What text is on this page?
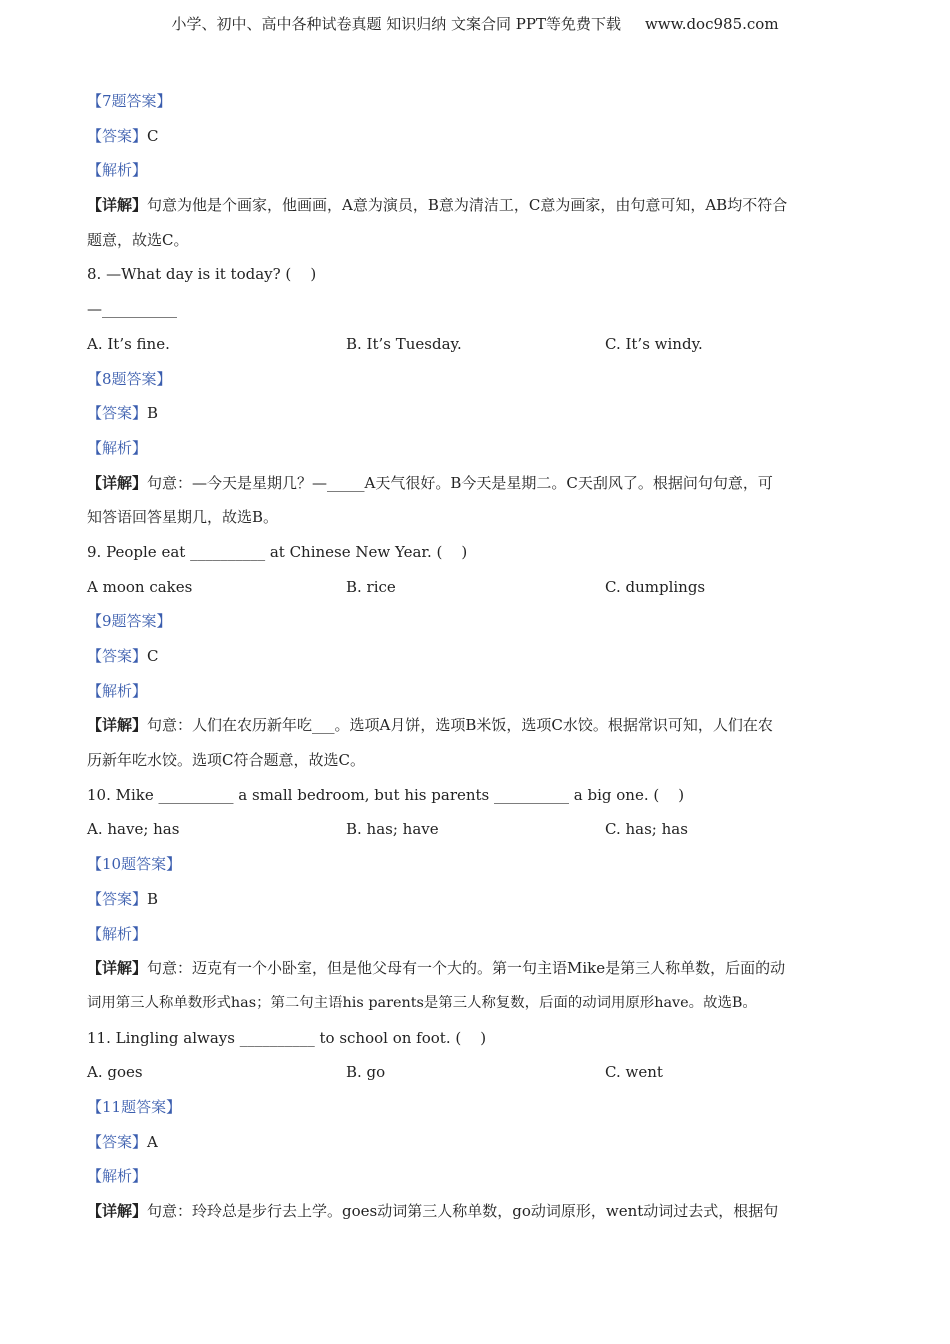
小学、初中、高中各种试卷真题 知识归纳 文案合同 PPT等免费下载 www.doc985.com
【7题答案】
【答案】C
【解析】
【详解】句意为他是个画家，他画画，A意为演员，B意为清洁工，C意为画家，由句意可知，AB均不符合
题意，故选C。
8. —What day is it today? (    )
—__________
A. It’s fine.	B. It’s Tuesday.	C. It’s windy.
【8题答案】
【答案】B
【解析】
【详解】句意：—今天是星期几？—_____A天气很好。B今天是星期二。C天刮风了。根据问句句意，可
知答语回答星期几，故选B。
9. People eat __________ at Chinese New Year. (    )
A moon cakes	B. rice	C. dumplings
【9题答案】
【答案】C
【解析】
【详解】句意：人们在农历新年吃___。选项A月饼，选项B米饭，选项C水饺。根据常识可知，人们在农
历新年吃水饺。选项C符合题意，故选C。
10. Mike __________ a small bedroom, but his parents __________ a big one. (    )
A. have; has	B. has; have	C. has; has
【10题答案】
【答案】B
【解析】
【详解】句意：迈克有一个小卧室，但是他父母有一个大的。第一句主语Mike是第三人称单数，后面的动
词用第三人称单数形式has；第二句主语his parents是第三人称复数，后面的动词用原形have。故选B。
11. Lingling always __________ to school on foot. (    )
A. goes	B. go	C. went
【11题答案】
【答案】A
【解析】
【详解】句意：玲玲总是步行去上学。goes动词第三人称单数，go动词原形，went动词过去式，根据句
